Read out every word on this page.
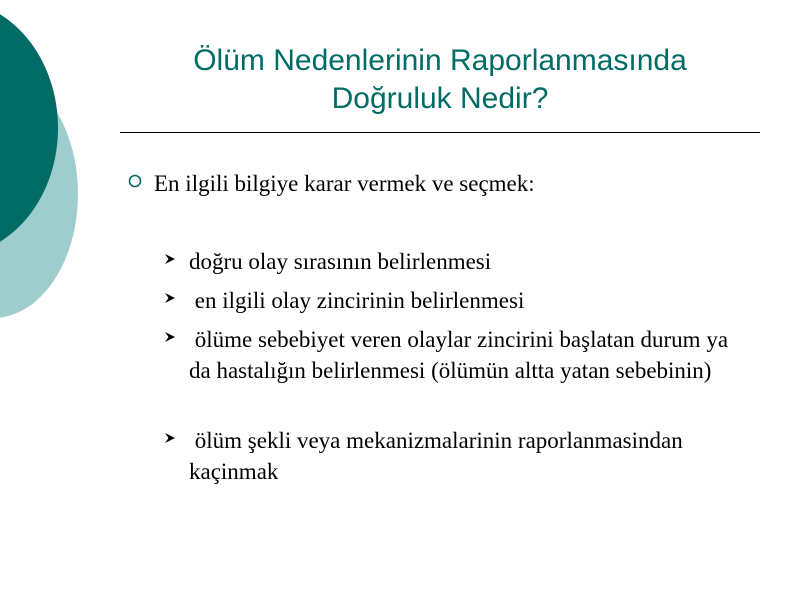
Ölüm Nedenlerinin Raporlanmasında
Doğruluk Nedir?
En ilgili bilgiye karar vermek ve seçmek:
doğru olay sırasının belirlenmesi
en ilgili olay zincirinin belirlenmesi
ölüme sebebiyet veren olaylar zincirini başlatan durum ya da hastalığın belirlenmesi (ölümün altta yatan sebebinin)
ölüm şekli veya mekanizmalarinin raporlanmasindan kaçinmak
